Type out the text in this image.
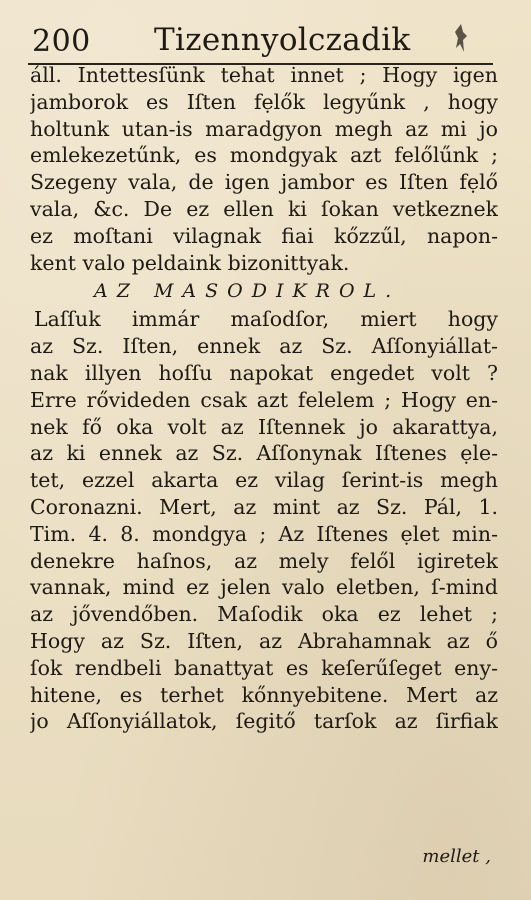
200 Tizennyolczadik
áll. Intettesſünk tehat innet ; Hogy igen
jamborok es Iſten fẹlők legyűnk , hogy
holtunk utan-is maradgyon megh az mi jo
emlekezetűnk, es mondgyak azt felőlűnk ;
Szegeny vala, de igen jambor es Iſten fẹlő
vala, &c. De ez ellen ki ſokan vetkeznek
ez moſtani vilagnak fiai kőzzűl, napon-
kent valo peldaink bizonittyak.
AZ MASODIKROL.
Laſſuk immár maſodſor, miert hogy
az Sz. Iſten, ennek az Sz. Aſſonyiállat-
nak illyen hoſſu napokat engedet volt ?
Erre rővideden csak azt felelem ; Hogy en-
nek fő oka volt az Iſtennek jo akarattya,
az ki ennek az Sz. Aſſonynak Iſtenes ẹle-
tet, ezzel akarta ez vilag ſerint-is megh
Coronazni. Mert, az mint az Sz. Pál, 1.
Tim. 4. 8. mondgya ; Az Iſtenes ẹlet min-
denekre haſnos, az mely felől igiretek
vannak, mind ez jelen valo eletben, ſ-mind
az jővendőben. Maſodik oka ez lehet ;
Hogy az Sz. Iſten, az Abrahamnak az ő
ſok rendbeli banattyat es keſerűſeget eny-
hitene, es terhet kőnnyebitene. Mert az
jo Aſſonyiállatok, ſegitő tarſok az ſirfiak
mellet ,
